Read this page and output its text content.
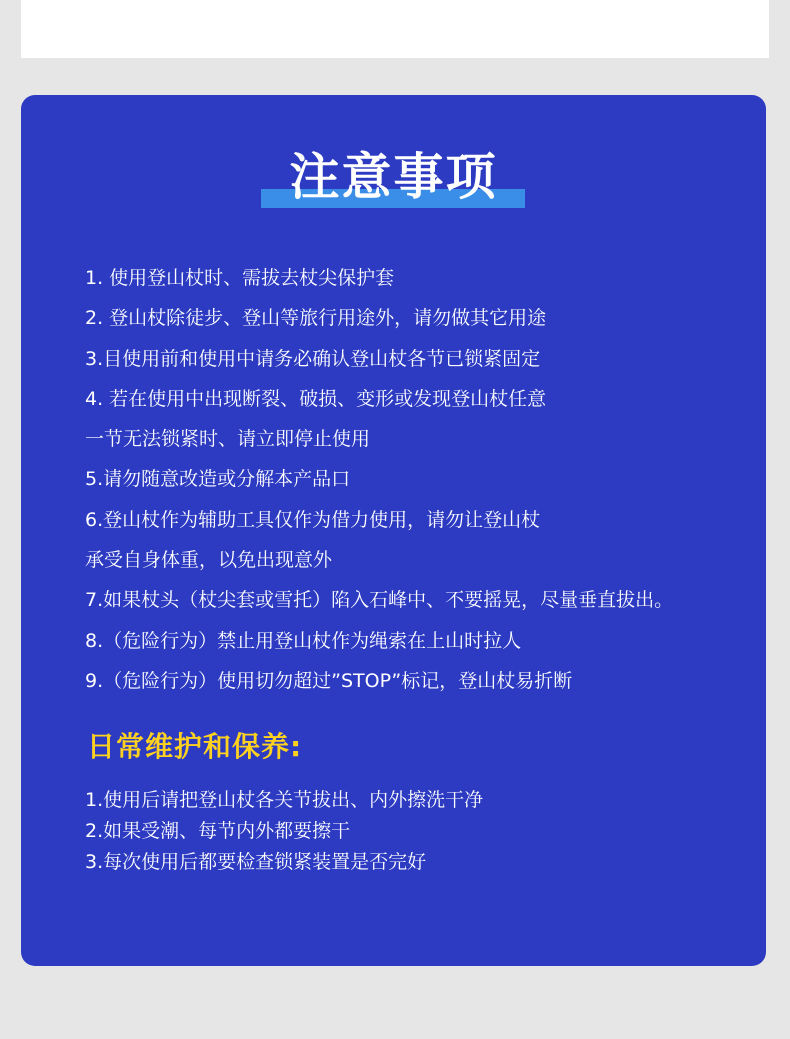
注意事项
1. 使用登山杖时、需拔去杖尖保护套
2. 登山杖除徒步、登山等旅行用途外，请勿做其它用途
3.目使用前和使用中请务必确认登山杖各节已锁紧固定
4. 若在使用中出现断裂、破损、变形或发现登山杖任意
一节无法锁紧时、请立即停止使用
5.请勿随意改造或分解本产品口
6.登山杖作为辅助工具仅作为借力使用，请勿让登山杖
承受自身体重，以免出现意外
7.如果杖头（杖尖套或雪托）陷入石峰中、不要摇晃，尽量垂直拔出。
8.（危险行为）禁止用登山杖作为绳索在上山时拉人
9.（危险行为）使用切勿超过”STOP”标记，登山杖易折断
日常维护和保养:
1.使用后请把登山杖各关节拔出、内外擦洗干净
2.如果受潮、每节内外都要擦干
3.每次使用后都要检查锁紧装置是否完好
